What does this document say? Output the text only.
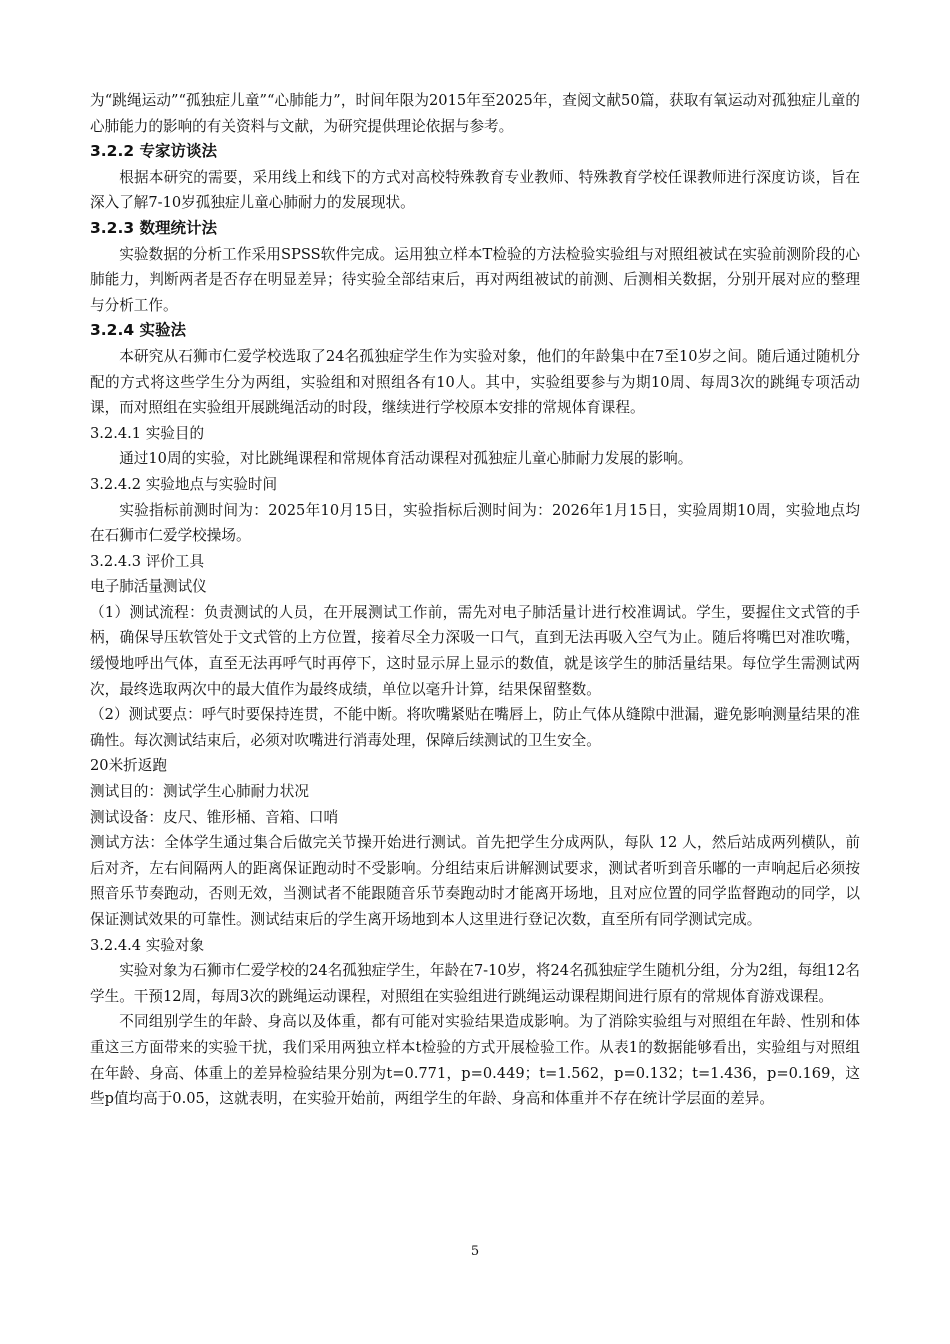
为“跳绳运动”“孤独症儿童”“心肺能力”，时间年限为2015年至2025年，查阅文献50篇，获取有氧运动对孤独症儿童的心肺能力的影响的有关资料与文献，为研究提供理论依据与参考。

3.2.2 专家访谈法

根据本研究的需要，采用线上和线下的方式对高校特殊教育专业教师、特殊教育学校任课教师进行深度访谈，旨在深入了解7-10岁孤独症儿童心肺耐力的发展现状。

3.2.3 数理统计法

实验数据的分析工作采用SPSS软件完成。运用独立样本T检验的方法检验实验组与对照组被试在实验前测阶段的心肺能力，判断两者是否存在明显差异；待实验全部结束后，再对两组被试的前测、后测相关数据，分别开展对应的整理与分析工作。

3.2.4 实验法

本研究从石狮市仁爱学校选取了24名孤独症学生作为实验对象，他们的年龄集中在7至10岁之间。随后通过随机分配的方式将这些学生分为两组，实验组和对照组各有10人。其中，实验组要参与为期10周、每周3次的跳绳专项活动课，而对照组在实验组开展跳绳活动的时段，继续进行学校原本安排的常规体育课程。

3.2.4.1 实验目的

通过10周的实验，对比跳绳课程和常规体育活动课程对孤独症儿童心肺耐力发展的影响。

3.2.4.2 实验地点与实验时间

实验指标前测时间为：2025年10月15日，实验指标后测时间为：2026年1月15日，实验周期10周，实验地点均在石狮市仁爱学校操场。

3.2.4.3 评价工具

电子肺活量测试仪

（1）测试流程：负责测试的人员，在开展测试工作前，需先对电子肺活量计进行校准调试。学生，要握住文式管的手柄，确保导压软管处于文式管的上方位置，接着尽全力深吸一口气，直到无法再吸入空气为止。随后将嘴巴对准吹嘴，缓慢地呼出气体，直至无法再呼气时再停下，这时显示屏上显示的数值，就是该学生的肺活量结果。每位学生需测试两次，最终选取两次中的最大值作为最终成绩，单位以毫升计算，结果保留整数。

（2）测试要点：呼气时要保持连贯，不能中断。将吹嘴紧贴在嘴唇上，防止气体从缝隙中泄漏，避免影响测量结果的准确性。每次测试结束后，必须对吹嘴进行消毒处理，保障后续测试的卫生安全。

20米折返跑

测试目的：测试学生心肺耐力状况

测试设备：皮尺、锥形桶、音箱、口哨

测试方法：全体学生通过集合后做完关节操开始进行测试。首先把学生分成两队，每队 12 人，然后站成两列横队，前后对齐，左右间隔两人的距离保证跑动时不受影响。分组结束后讲解测试要求，测试者听到音乐嘟的一声响起后必须按照音乐节奏跑动，否则无效，当测试者不能跟随音乐节奏跑动时才能离开场地，且对应位置的同学监督跑动的同学，以保证测试效果的可靠性。测试结束后的学生离开场地到本人这里进行登记次数，直至所有同学测试完成。

3.2.4.4 实验对象

实验对象为石狮市仁爱学校的24名孤独症学生，年龄在7-10岁，将24名孤独症学生随机分组，分为2组，每组12名学生。干预12周，每周3次的跳绳运动课程，对照组在实验组进行跳绳运动课程期间进行原有的常规体育游戏课程。

不同组别学生的年龄、身高以及体重，都有可能对实验结果造成影响。为了消除实验组与对照组在年龄、性别和体重这三方面带来的实验干扰，我们采用两独立样本t检验的方式开展检验工作。从表1的数据能够看出，实验组与对照组在年龄、身高、体重上的差异检验结果分别为t=0.771，p=0.449；t=1.562，p=0.132；t=1.436，p=0.169，这些p值均高于0.05，这就表明，在实验开始前，两组学生的年龄、身高和体重并不存在统计学层面的差异。

5
